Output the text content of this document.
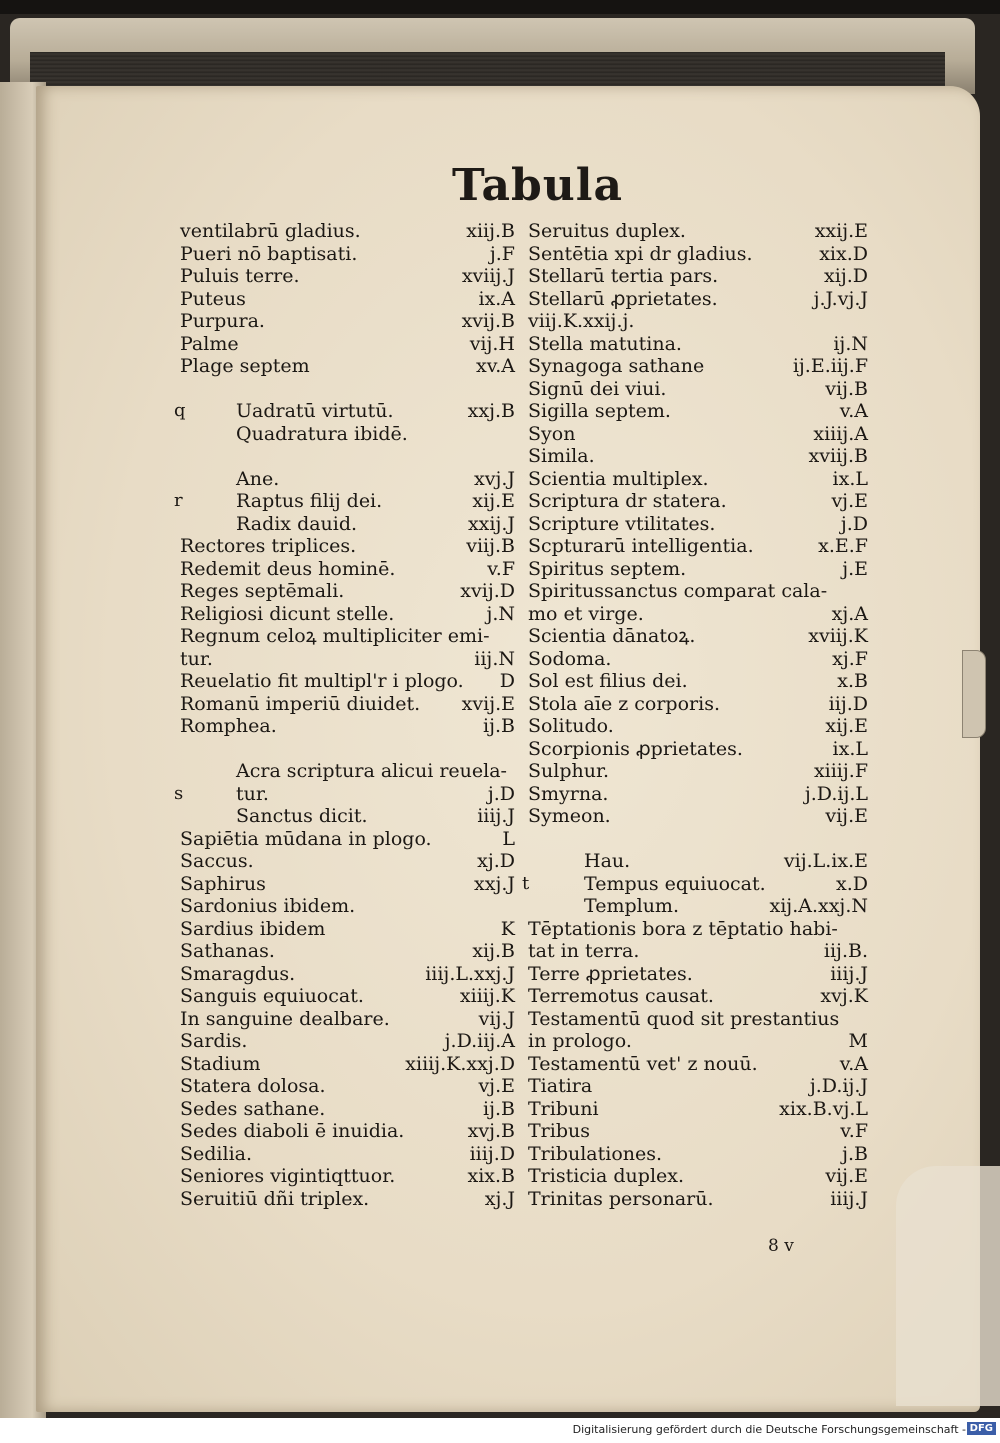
Tabula
ventilabrū gladius.	xiij.B
Pueri nō baptisati.	j.F
Puluis terre.	xviij.J
Puteus	ix.A
Purpura.	xvij.B
Palme	vij.H
Plage septem	xv.A
q	Uadratū virtutū.	xxj.B
Quadratura ibidē.
Ane.	xvj.J
r	Raptus filij dei.	xij.E
Radix dauid.	xxij.J
Rectores triplices.	viij.B
Redemit deus hominē.	v.F
Reges septēmali.	xvij.D
Religiosi dicunt stelle.	j.N
Regnum celoꝝ multipliciter emi-
tur.	iij.N
Reuelatio fit multipl'r i plogo. D
Romanū imperiū diuidet. xvij.E
Romphea.	ij.B
Acra scriptura alicui reuela-
s	tur.	j.D
Sanctus dicit.	iiij.J
Sapiētia mūdana in plogo.	L
Saccus.	xj.D
Saphirus	xxj.J
Sardonius ibidem.
Sardius ibidem	K
Sathanas.	xij.B
Smaragdus.	iiij.L.xxj.J
Sanguis equiuocat.	xiiij.K
In sanguine dealbare.	vij.J
Sardis.	j.D.iij.A
Stadium	xiiij.K.xxj.D
Statera dolosa.	vj.E
Sedes sathane.	ij.B
Sedes diaboli ē inuidia.	xvj.B
Sedilia.	iiij.D
Seniores vigintiqttuor.	xix.B
Seruitiū dñi triplex.	xj.J
Seruitus duplex.	xxij.E
Sentētia xpi dr gladius.	xix.D
Stellarū tertia pars.	xij.D
Stellarū ꝓprietates.	j.J.vj.J
viij.K.xxij.j.
Stella matutina.	ij.N
Synagoga sathane	ij.E.iij.F
Signū dei viui.	vij.B
Sigilla septem.	v.A
Syon	xiiij.A
Simila.	xviij.B
Scientia multiplex.	ix.L
Scriptura dr statera.	vj.E
Scripture vtilitates.	j.D
Scpturarū intelligentia.	x.E.F
Spiritus septem.	j.E
Spiritussanctus comparat cala-
mo et virge.	xj.A
Scientia dānatoꝝ.	xviij.K
Sodoma.	xj.F
Sol est filius dei.	x.B
Stola aīe z corporis.	iij.D
Solitudo.	xij.E
Scorpionis ꝓprietates.	ix.L
Sulphur.	xiiij.F
Smyrna.	j.D.ij.L
Symeon.	vij.E
Hau.	vij.L.ix.E
t	Tempus equiuocat.	x.D
Templum.	xij.A.xxj.N
Tēptationis bora z tēptatio habi-
tat in terra.	iij.B.
Terre ꝓprietates.	iiij.J
Terremotus causat.	xvj.K
Testamentū quod sit prestantius
in prologo.	M
Testamentū vet' z nouū.	v.A
Tiatira	j.D.ij.J
Tribuni	xix.B.vj.L
Tribus	v.F
Tribulationes.	j.B
Tristicia duplex.	vij.E
Trinitas personarū.	iiij.J
8 v
Digitalisierung gefördert durch die Deutsche Forschungsgemeinschaft - DFG
